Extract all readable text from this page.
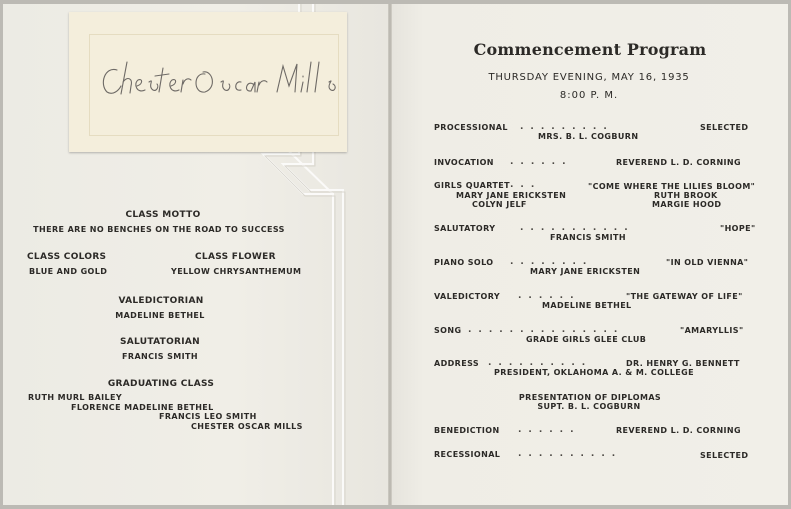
CLASS MOTTO
THERE ARE NO BENCHES ON THE ROAD TO SUCCESS
CLASS COLORS
BLUE AND GOLD
CLASS FLOWER
YELLOW CHRYSANTHEMUM
VALEDICTORIAN
MADELINE BETHEL
SALUTATORIAN
FRANCIS SMITH
GRADUATING CLASS
RUTH MURL BAILEY
FLORENCE MADELINE BETHEL
FRANCIS LEO SMITH
CHESTER OSCAR MILLS
Commencement Program
THURSDAY EVENING, MAY 16, 1935
8:00 P. M.
PROCESSIONAL .........	SELECTED
MRS. B. L. COGBURN
INVOCATION ......	REVEREND L. D. CORNING
GIRLS QUARTET ...	"COME WHERE THE LILIES BLOOM"
MARY JANE ERICKSTEN	RUTH BROOK
COLYN JELF	MARGIE HOOD
SALUTATORY	...........	"HOPE"
FRANCIS SMITH
PIANO SOLO ........	"IN OLD VIENNA"
MARY JANE ERICKSTEN
VALEDICTORY ......	"THE GATEWAY OF LIFE"
MADELINE BETHEL
SONG ...............	"AMARYLLIS"
GRADE GIRLS GLEE CLUB
ADDRESS ..........	DR. HENRY G. BENNETT
PRESIDENT, OKLAHOMA A. & M. COLLEGE
PRESENTATION OF DIPLOMAS
SUPT. B. L. COGBURN
BENEDICTION ......	REVEREND L. D. CORNING
RECESSIONAL ..........	SELECTED
